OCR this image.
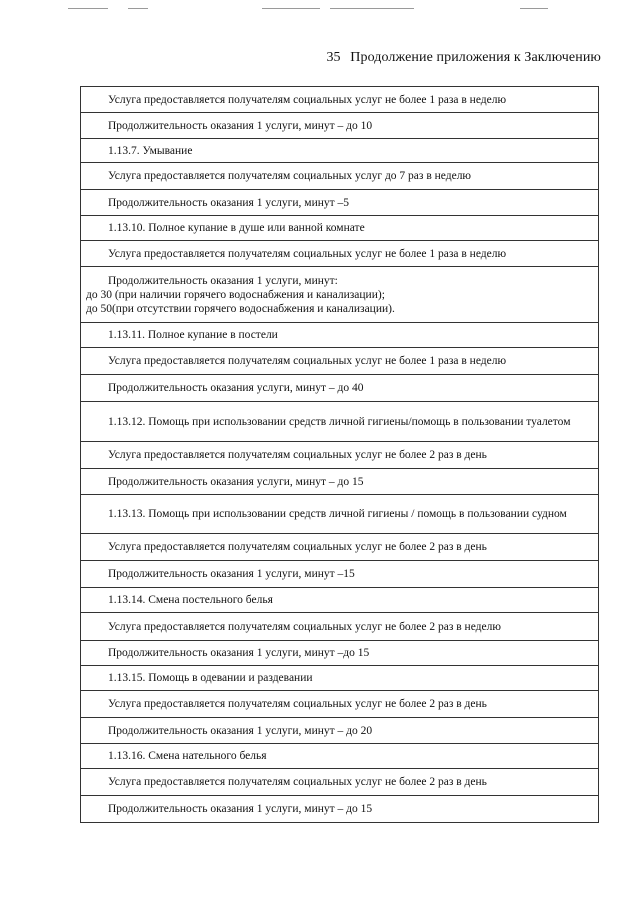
35 Продолжение приложения к Заключению
Услуга предоставляется получателям социальных услуг не более 1 раза в неделю

Продолжительность оказания 1 услуги, минут – до 10

1.13.7. Умывание

Услуга предоставляется получателям социальных услуг до 7 раз в неделю

Продолжительность оказания 1 услуги, минут –5

1.13.10. Полное купание в душе или ванной комнате

Услуга предоставляется получателям социальных услуг не более 1 раза в неделю

Продолжительность оказания 1 услуги, минут:
до 30 (при наличии горячего водоснабжения и канализации);
до 50(при отсутствии горячего водоснабжения и канализации).

1.13.11. Полное купание в постели

Услуга предоставляется получателям социальных услуг не более 1 раза в неделю

Продолжительность оказания услуги, минут – до 40

1.13.12. Помощь при использовании средств личной гигиены/помощь в пользовании туалетом

Услуга предоставляется получателям социальных услуг не более 2 раз в день

Продолжительность оказания услуги, минут – до 15

1.13.13. Помощь при использовании средств личной гигиены / помощь в пользовании судном

Услуга предоставляется получателям социальных услуг не более 2 раз в день

Продолжительность оказания 1 услуги, минут –15

1.13.14. Смена постельного белья

Услуга предоставляется получателям социальных услуг не более 2 раз в неделю

Продолжительность оказания 1 услуги, минут –до 15

1.13.15. Помощь в одевании и раздевании

Услуга предоставляется получателям социальных услуг не более 2 раз в день

Продолжительность оказания 1 услуги, минут – до 20

1.13.16. Смена нательного белья

Услуга предоставляется получателям социальных услуг не более 2 раз в день

Продолжительность оказания 1 услуги, минут – до 15
